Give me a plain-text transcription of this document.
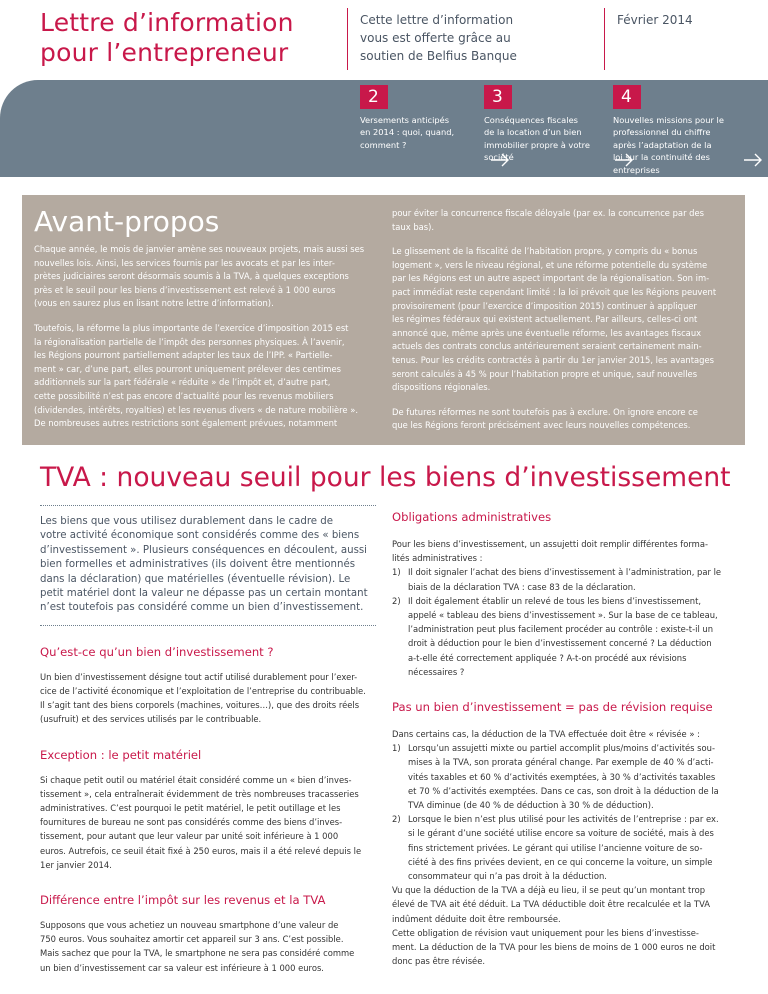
Lettre d’information
pour l’entrepreneur
Cette lettre d’information
vous est offerte grâce au
soutien de Belfius Banque
Février 2014
2
Versements anticipés
en 2014 : quoi, quand,
comment ?
3
Conséquences fiscales
de la location d’un bien
immobilier propre à votre
société
4
Nouvelles missions pour le
professionnel du chiffre
après l’adaptation de la
loi sur la continuité des
entreprises
Avant-propos

Chaque année, le mois de janvier amène ses nouveaux projets, mais aussi ses
nouvelles lois. Ainsi, les services fournis par les avocats et par les inter-
prètes judiciaires seront désormais soumis à la TVA, à quelques exceptions
près et le seuil pour les biens d’investissement est relevé à 1 000 euros
(vous en saurez plus en lisant notre lettre d’information).

Toutefois, la réforme la plus importante de l’exercice d’imposition 2015 est
la régionalisation partielle de l’impôt des personnes physiques. À l’avenir,
les Régions pourront partiellement adapter les taux de l’IPP. « Partielle-
ment » car, d’une part, elles pourront uniquement prélever des centimes
additionnels sur la part fédérale « réduite » de l’impôt et, d’autre part,
cette possibilité n’est pas encore d’actualité pour les revenus mobiliers
(dividendes, intérêts, royalties) et les revenus divers « de nature mobilière ».
De nombreuses autres restrictions sont également prévues, notamment

pour éviter la concurrence fiscale déloyale (par ex. la concurrence par des
taux bas).

Le glissement de la fiscalité de l’habitation propre, y compris du « bonus
logement », vers le niveau régional, et une réforme potentielle du système
par les Régions est un autre aspect important de la régionalisation. Son im-
pact immédiat reste cependant limité : la loi prévoit que les Régions peuvent
provisoirement (pour l’exercice d’imposition 2015) continuer à appliquer
les régimes fédéraux qui existent actuellement. Par ailleurs, celles-ci ont
annoncé que, même après une éventuelle réforme, les avantages fiscaux
actuels des contrats conclus antérieurement seraient certainement main-
tenus. Pour les crédits contractés à partir du 1er janvier 2015, les avantages
seront calculés à 45 % pour l’habitation propre et unique, sauf nouvelles
dispositions régionales.

De futures réformes ne sont toutefois pas à exclure. On ignore encore ce
que les Régions feront précisément avec leurs nouvelles compétences.

TVA : nouveau seuil pour les biens d’investissement
Les biens que vous utilisez durablement dans le cadre de
votre activité économique sont considérés comme des « biens
d’investissement ». Plusieurs conséquences en découlent, aussi
bien formelles et administratives (ils doivent être mentionnés
dans la déclaration) que matérielles (éventuelle révision). Le
petit matériel dont la valeur ne dépasse pas un certain montant
n’est toutefois pas considéré comme un bien d’investissement.
Qu’est-ce qu’un bien d’investissement ?
Un bien d’investissement désigne tout actif utilisé durablement pour l’exer-
cice de l’activité économique et l’exploitation de l’entreprise du contribuable.
Il s’agit tant des biens corporels (machines, voitures…), que des droits réels
(usufruit) et des services utilisés par le contribuable.
Exception : le petit matériel
Si chaque petit outil ou matériel était considéré comme un « bien d’inves-
tissement », cela entraînerait évidemment de très nombreuses tracasseries
administratives. C’est pourquoi le petit matériel, le petit outillage et les
fournitures de bureau ne sont pas considérés comme des biens d’inves-
tissement, pour autant que leur valeur par unité soit inférieure à 1 000
euros. Autrefois, ce seuil était fixé à 250 euros, mais il a été relevé depuis le
1er janvier 2014.
Différence entre l’impôt sur les revenus et la TVA
Supposons que vous achetiez un nouveau smartphone d’une valeur de
750 euros. Vous souhaitez amortir cet appareil sur 3 ans. C’est possible.
Mais sachez que pour la TVA, le smartphone ne sera pas considéré comme
un bien d’investissement car sa valeur est inférieure à 1 000 euros.
Obligations administratives
Pour les biens d’investissement, un assujetti doit remplir différentes forma-
lités administratives :
1) Il doit signaler l’achat des biens d’investissement à l’administration, par le
biais de la déclaration TVA : case 83 de la déclaration.
2) Il doit également établir un relevé de tous les biens d’investissement,
appelé « tableau des biens d’investissement ». Sur la base de ce tableau,
l’administration peut plus facilement procéder au contrôle : existe-t-il un
droit à déduction pour le bien d’investissement concerné ? La déduction
a-t-elle été correctement appliquée ? A-t-on procédé aux révisions
nécessaires ?
Pas un bien d’investissement = pas de révision requise
Dans certains cas, la déduction de la TVA effectuée doit être « révisée » :
1) Lorsqu’un assujetti mixte ou partiel accomplit plus/moins d’activités sou-
mises à la TVA, son prorata général change. Par exemple de 40 % d’acti-
vités taxables et 60 % d’activités exemptées, à 30 % d’activités taxables
et 70 % d’activités exemptées. Dans ce cas, son droit à la déduction de la
TVA diminue (de 40 % de déduction à 30 % de déduction).
2) Lorsque le bien n’est plus utilisé pour les activités de l’entreprise : par ex.
si le gérant d’une société utilise encore sa voiture de société, mais à des
fins strictement privées. Le gérant qui utilise l’ancienne voiture de so-
ciété à des fins privées devient, en ce qui concerne la voiture, un simple
consommateur qui n’a pas droit à la déduction.
Vu que la déduction de la TVA a déjà eu lieu, il se peut qu’un montant trop
élevé de TVA ait été déduit. La TVA déductible doit être recalculée et la TVA
indûment déduite doit être remboursée.
Cette obligation de révision vaut uniquement pour les biens d’investisse-
ment. La déduction de la TVA pour les biens de moins de 1 000 euros ne doit
donc pas être révisée.
